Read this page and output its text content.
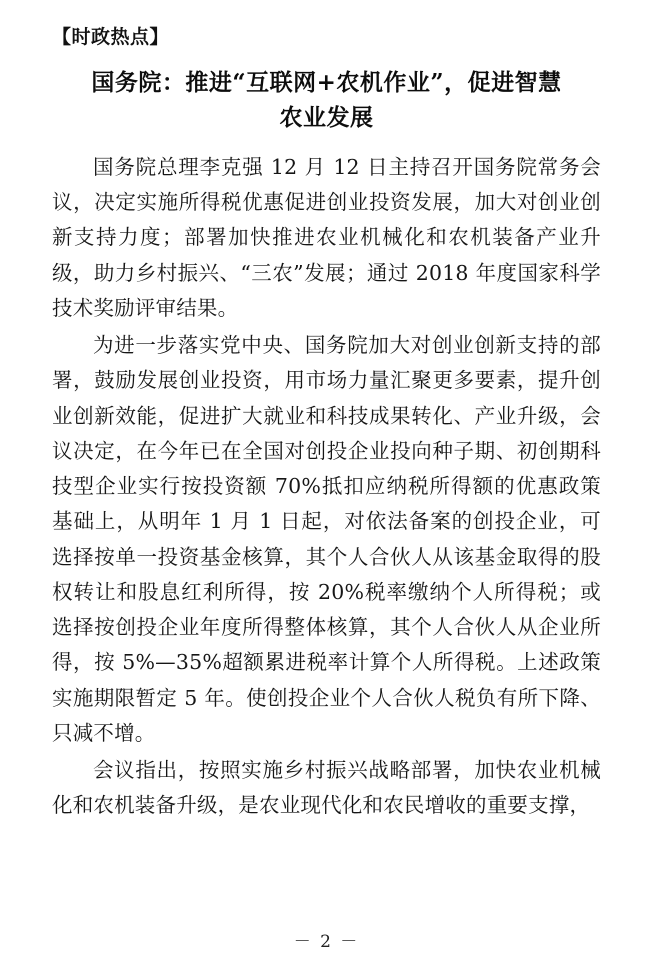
【时政热点】
国务院：推进“互联网+农机作业”，促进智慧农业发展

国务院总理李克强 12 月 12 日主持召开国务院常务会议，决定实施所得税优惠促进创业投资发展，加大对创业创新支持力度；部署加快推进农业机械化和农机装备产业升级，助力乡村振兴、“三农”发展；通过 2018 年度国家科学技术奖励评审结果。

为进一步落实党中央、国务院加大对创业创新支持的部署，鼓励发展创业投资，用市场力量汇聚更多要素，提升创业创新效能，促进扩大就业和科技成果转化、产业升级，会议决定，在今年已在全国对创投企业投向种子期、初创期科技型企业实行按投资额 70%抵扣应纳税所得额的优惠政策基础上，从明年 1 月 1 日起，对依法备案的创投企业，可选择按单一投资基金核算，其个人合伙人从该基金取得的股权转让和股息红利所得，按 20%税率缴纳个人所得税；或选择按创投企业年度所得整体核算，其个人合伙人从企业所得，按 5%—35%超额累进税率计算个人所得税。上述政策实施期限暂定 5 年。使创投企业个人合伙人税负有所下降、只减不增。

会议指出，按照实施乡村振兴战略部署，加快农业机械化和农机装备升级，是农业现代化和农民增收的重要支撑，

－ 2 －
